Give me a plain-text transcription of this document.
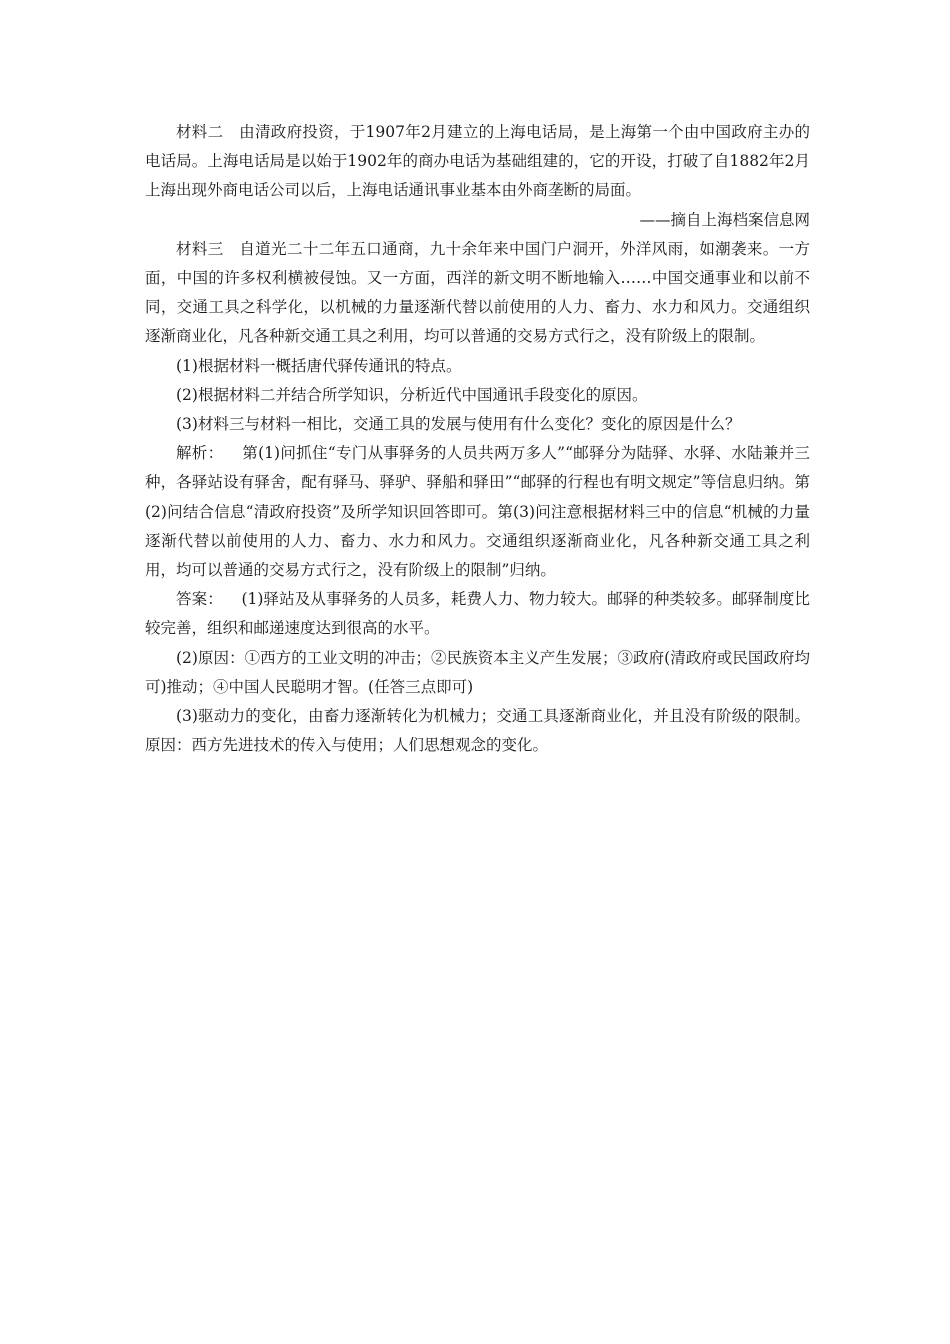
材料二 由清政府投资，于1907年2月建立的上海电话局，是上海第一个由中国政府主办的电话局。上海电话局是以始于1902年的商办电话为基础组建的，它的开设，打破了自1882年2月上海出现外商电话公司以后，上海电话通讯事业基本由外商垄断的局面。

——摘自上海档案信息网

材料三 自道光二十二年五口通商，九十余年来中国门户洞开，外洋风雨，如潮袭来。一方面，中国的许多权利横被侵蚀。又一方面，西洋的新文明不断地输入……中国交通事业和以前不同，交通工具之科学化，以机械的力量逐渐代替以前使用的人力、畜力、水力和风力。交通组织逐渐商业化，凡各种新交通工具之利用，均可以普通的交易方式行之，没有阶级上的限制。

(1)根据材料一概括唐代驿传通讯的特点。

(2)根据材料二并结合所学知识，分析近代中国通讯手段变化的原因。

(3)材料三与材料一相比，交通工具的发展与使用有什么变化？变化的原因是什么？

解析： 第(1)问抓住“专门从事驿务的人员共两万多人”“邮驿分为陆驿、水驿、水陆兼并三种，各驿站设有驿舍，配有驿马、驿驴、驿船和驿田”“邮驿的行程也有明文规定”等信息归纳。第(2)问结合信息“清政府投资”及所学知识回答即可。第(3)问注意根据材料三中的信息“机械的力量逐渐代替以前使用的人力、畜力、水力和风力。交通组织逐渐商业化，凡各种新交通工具之利用，均可以普通的交易方式行之，没有阶级上的限制”归纳。

答案： (1)驿站及从事驿务的人员多，耗费人力、物力较大。邮驿的种类较多。邮驿制度比较完善，组织和邮递速度达到很高的水平。

(2)原因：①西方的工业文明的冲击；②民族资本主义产生发展；③政府(清政府或民国政府均可)推动；④中国人民聪明才智。(任答三点即可)

(3)驱动力的变化，由畜力逐渐转化为机械力；交通工具逐渐商业化，并且没有阶级的限制。原因：西方先进技术的传入与使用；人们思想观念的变化。
